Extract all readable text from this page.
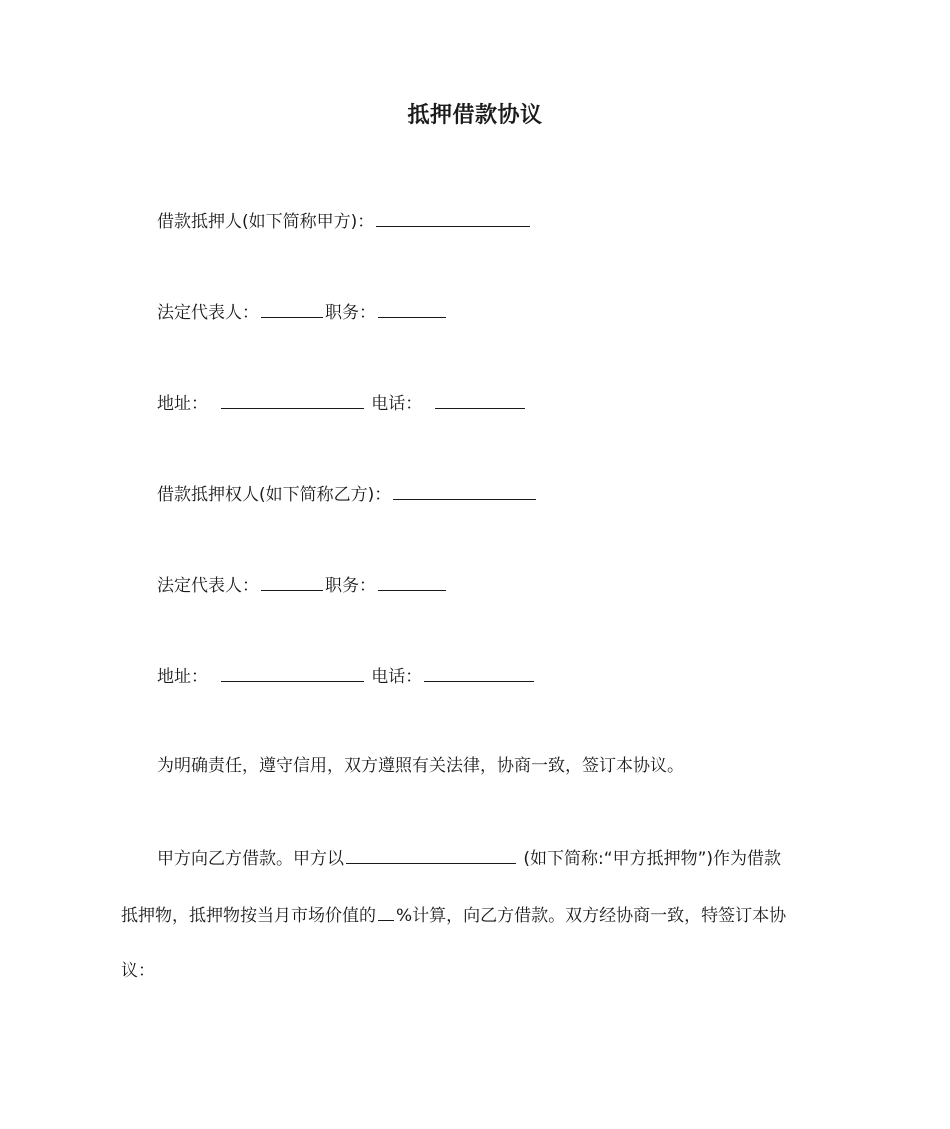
抵押借款协议
借款抵押人(如下简称甲方)：
法定代表人：	职务：
地址：	电话：
借款抵押权人(如下简称乙方)：
法定代表人：	职务：
地址：	电话：
为明确责任，遵守信用，双方遵照有关法律，协商一致，签订本协议。
甲方向乙方借款。甲方以	(如下简称:“甲方抵押物”)作为借款
抵押物，抵押物按当月市场价值的 %计算，向乙方借款。双方经协商一致，特签订本协
议：
